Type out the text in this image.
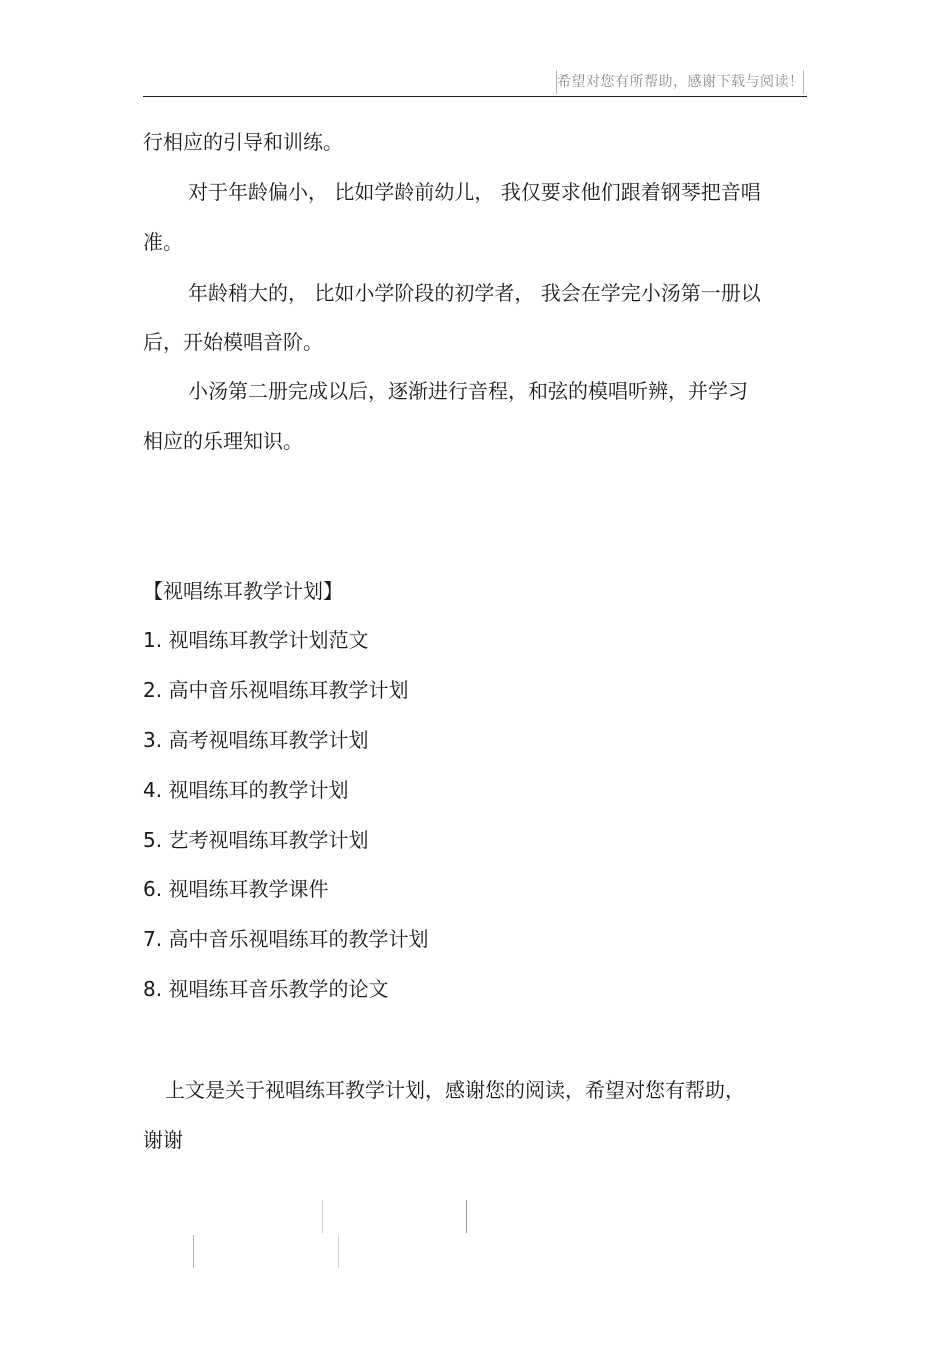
希望对您有所帮助，感谢下载与阅读！
行相应的引导和训练。
对于年龄偏小， 比如学龄前幼儿， 我仅要求他们跟着钢琴把音唱
准。
年龄稍大的， 比如小学阶段的初学者， 我会在学完小汤第一册以
后，开始模唱音阶。
小汤第二册完成以后，逐渐进行音程，和弦的模唱听辨，并学习
相应的乐理知识。
【视唱练耳教学计划】
1. 视唱练耳教学计划范文
2. 高中音乐视唱练耳教学计划
3. 高考视唱练耳教学计划
4. 视唱练耳的教学计划
5. 艺考视唱练耳教学计划
6. 视唱练耳教学课件
7. 高中音乐视唱练耳的教学计划
8. 视唱练耳音乐教学的论文
上文是关于视唱练耳教学计划，感谢您的阅读，希望对您有帮助，
谢谢
